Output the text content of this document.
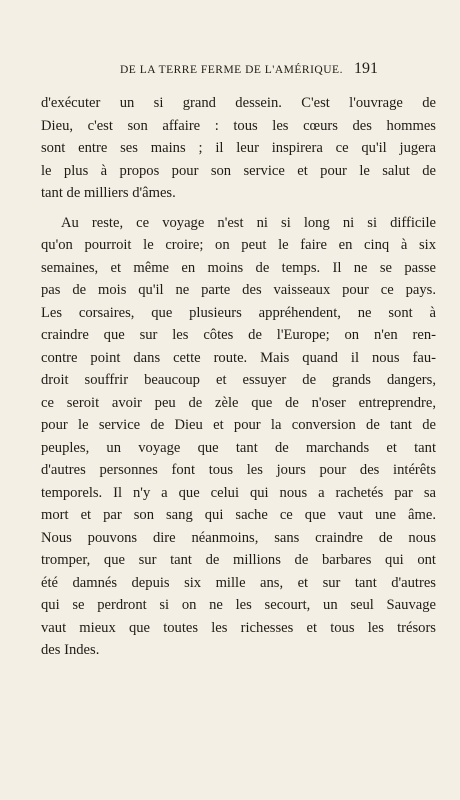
DE LA TERRE FERME DE L'AMÉRIQUE. 191
d'exécuter un si grand dessein. C'est l'ouvrage de
Dieu, c'est son affaire : tous les cœurs des hommes
sont entre ses mains ; il leur inspirera ce qu'il jugera
le plus à propos pour son service et pour le salut de
tant de milliers d'âmes.
Au reste, ce voyage n'est ni si long ni si difficile
qu'on pourroit le croire; on peut le faire en cinq à six
semaines, et même en moins de temps. Il ne se passe
pas de mois qu'il ne parte des vaisseaux pour ce pays.
Les corsaires, que plusieurs appréhendent, ne sont à
craindre que sur les côtes de l'Europe; on n'en ren-
contre point dans cette route. Mais quand il nous fau-
droit souffrir beaucoup et essuyer de grands dangers,
ce seroit avoir peu de zèle que de n'oser entreprendre,
pour le service de Dieu et pour la conversion de tant de
peuples, un voyage que tant de marchands et tant
d'autres personnes font tous les jours pour des intérêts
temporels. Il n'y a que celui qui nous a rachetés par sa
mort et par son sang qui sache ce que vaut une âme.
Nous pouvons dire néanmoins, sans craindre de nous
tromper, que sur tant de millions de barbares qui ont
été damnés depuis six mille ans, et sur tant d'autres
qui se perdront si on ne les secourt, un seul Sauvage
vaut mieux que toutes les richesses et tous les trésors
des Indes.
